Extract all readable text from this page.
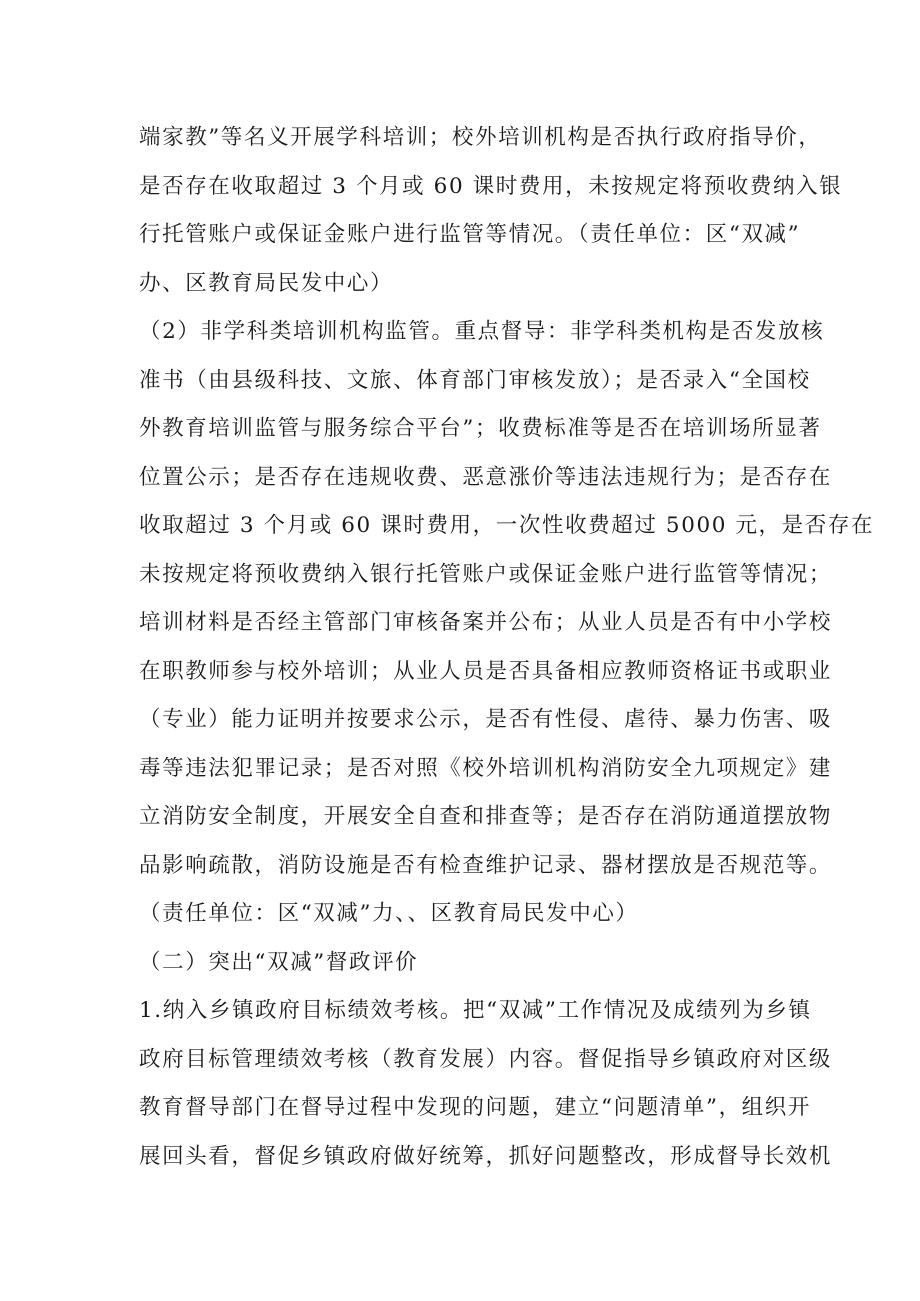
端家教”等名义开展学科培训；校外培训机构是否执行政府指导价，
是否存在收取超过 3 个月或 60 课时费用，未按规定将预收费纳入银
行托管账户或保证金账户进行监管等情况。（责任单位：区“双减”
办、区教育局民发中心）
（2）非学科类培训机构监管。重点督导：非学科类机构是否发放核
准书（由县级科技、文旅、体育部门审核发放）；是否录入“全国校
外教育培训监管与服务综合平台”；收费标准等是否在培训场所显著
位置公示；是否存在违规收费、恶意涨价等违法违规行为；是否存在
收取超过 3 个月或 60 课时费用，一次性收费超过 5000 元，是否存在
未按规定将预收费纳入银行托管账户或保证金账户进行监管等情况；
培训材料是否经主管部门审核备案并公布；从业人员是否有中小学校
在职教师参与校外培训；从业人员是否具备相应教师资格证书或职业
（专业）能力证明并按要求公示，是否有性侵、虐待、暴力伤害、吸
毒等违法犯罪记录；是否对照《校外培训机构消防安全九项规定》建
立消防安全制度，开展安全自查和排查等；是否存在消防通道摆放物
品影响疏散，消防设施是否有检查维护记录、器材摆放是否规范等。
（责任单位：区“双减”力、、区教育局民发中心）
（二）突出“双减”督政评价
1.纳入乡镇政府目标绩效考核。把“双减”工作情况及成绩列为乡镇
政府目标管理绩效考核（教育发展）内容。督促指导乡镇政府对区级
教育督导部门在督导过程中发现的问题，建立“问题清单”，组织开
展回头看，督促乡镇政府做好统筹，抓好问题整改，形成督导长效机
